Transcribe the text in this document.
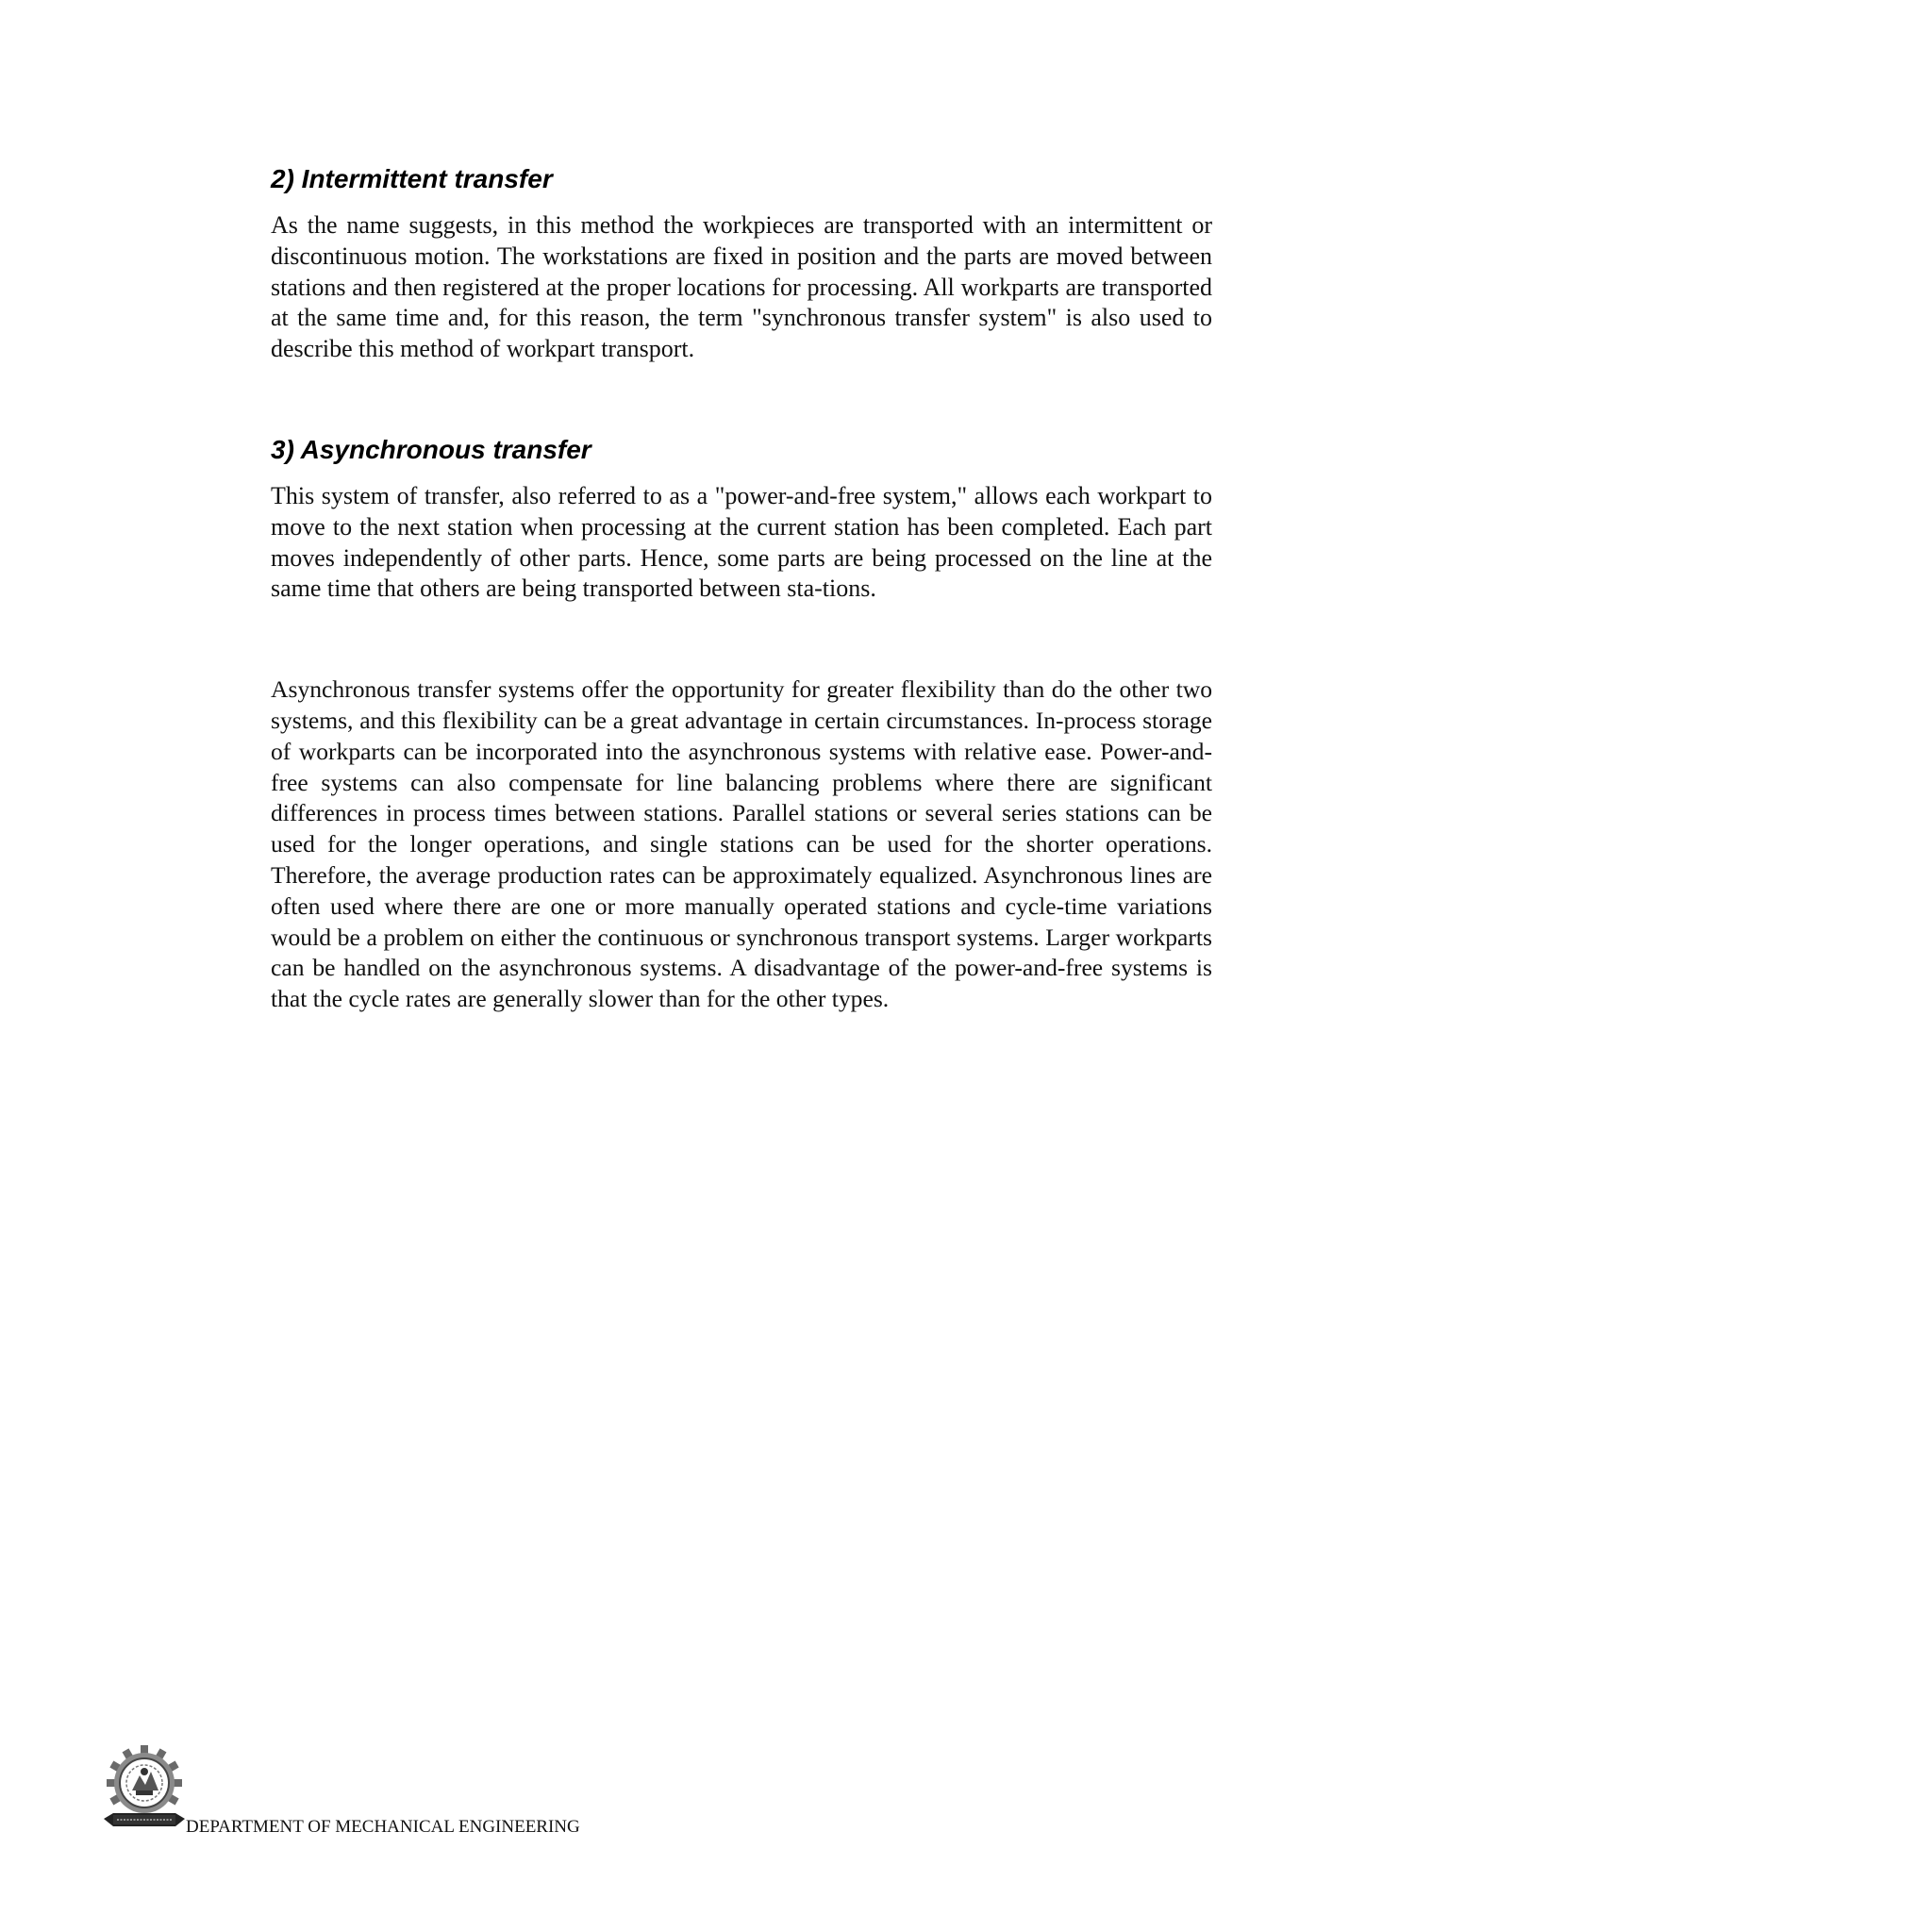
2) Intermittent transfer

As the name suggests, in this method the workpieces are transported with an intermittent or discontinuous motion. The workstations are fixed in position and the parts are moved between stations and then registered at the proper locations for processing. All workparts are transported at the same time and, for this reason, the term "synchronous transfer system" is also used to describe this method of workpart transport.

3) Asynchronous transfer

This system of transfer, also referred to as a "power-and-free system," allows each workpart to move to the next station when processing at the current station has been completed. Each part moves independently of other parts. Hence, some parts are being processed on the line at the same time that others are being transported between sta-tions.

Asynchronous transfer systems offer the opportunity for greater flexibility than do the other two systems, and this flexibility can be a great advantage in certain circumstances. In-process storage of workparts can be incorporated into the asynchronous systems with relative ease. Power-and-free systems can also compensate for line balancing problems where there are significant differences in process times between stations. Parallel stations or several series stations can be used for the longer operations, and single stations can be used for the shorter operations. Therefore, the average production rates can be approximately equalized. Asynchronous lines are often used where there are one or more manually operated stations and cycle-time variations would be a problem on either the continuous or synchronous transport systems. Larger workparts can be handled on the asynchronous systems. A disadvantage of the power-and-free systems is that the cycle rates are generally slower than for the other types.

DEPARTMENT OF MECHANICAL ENGINEERING
